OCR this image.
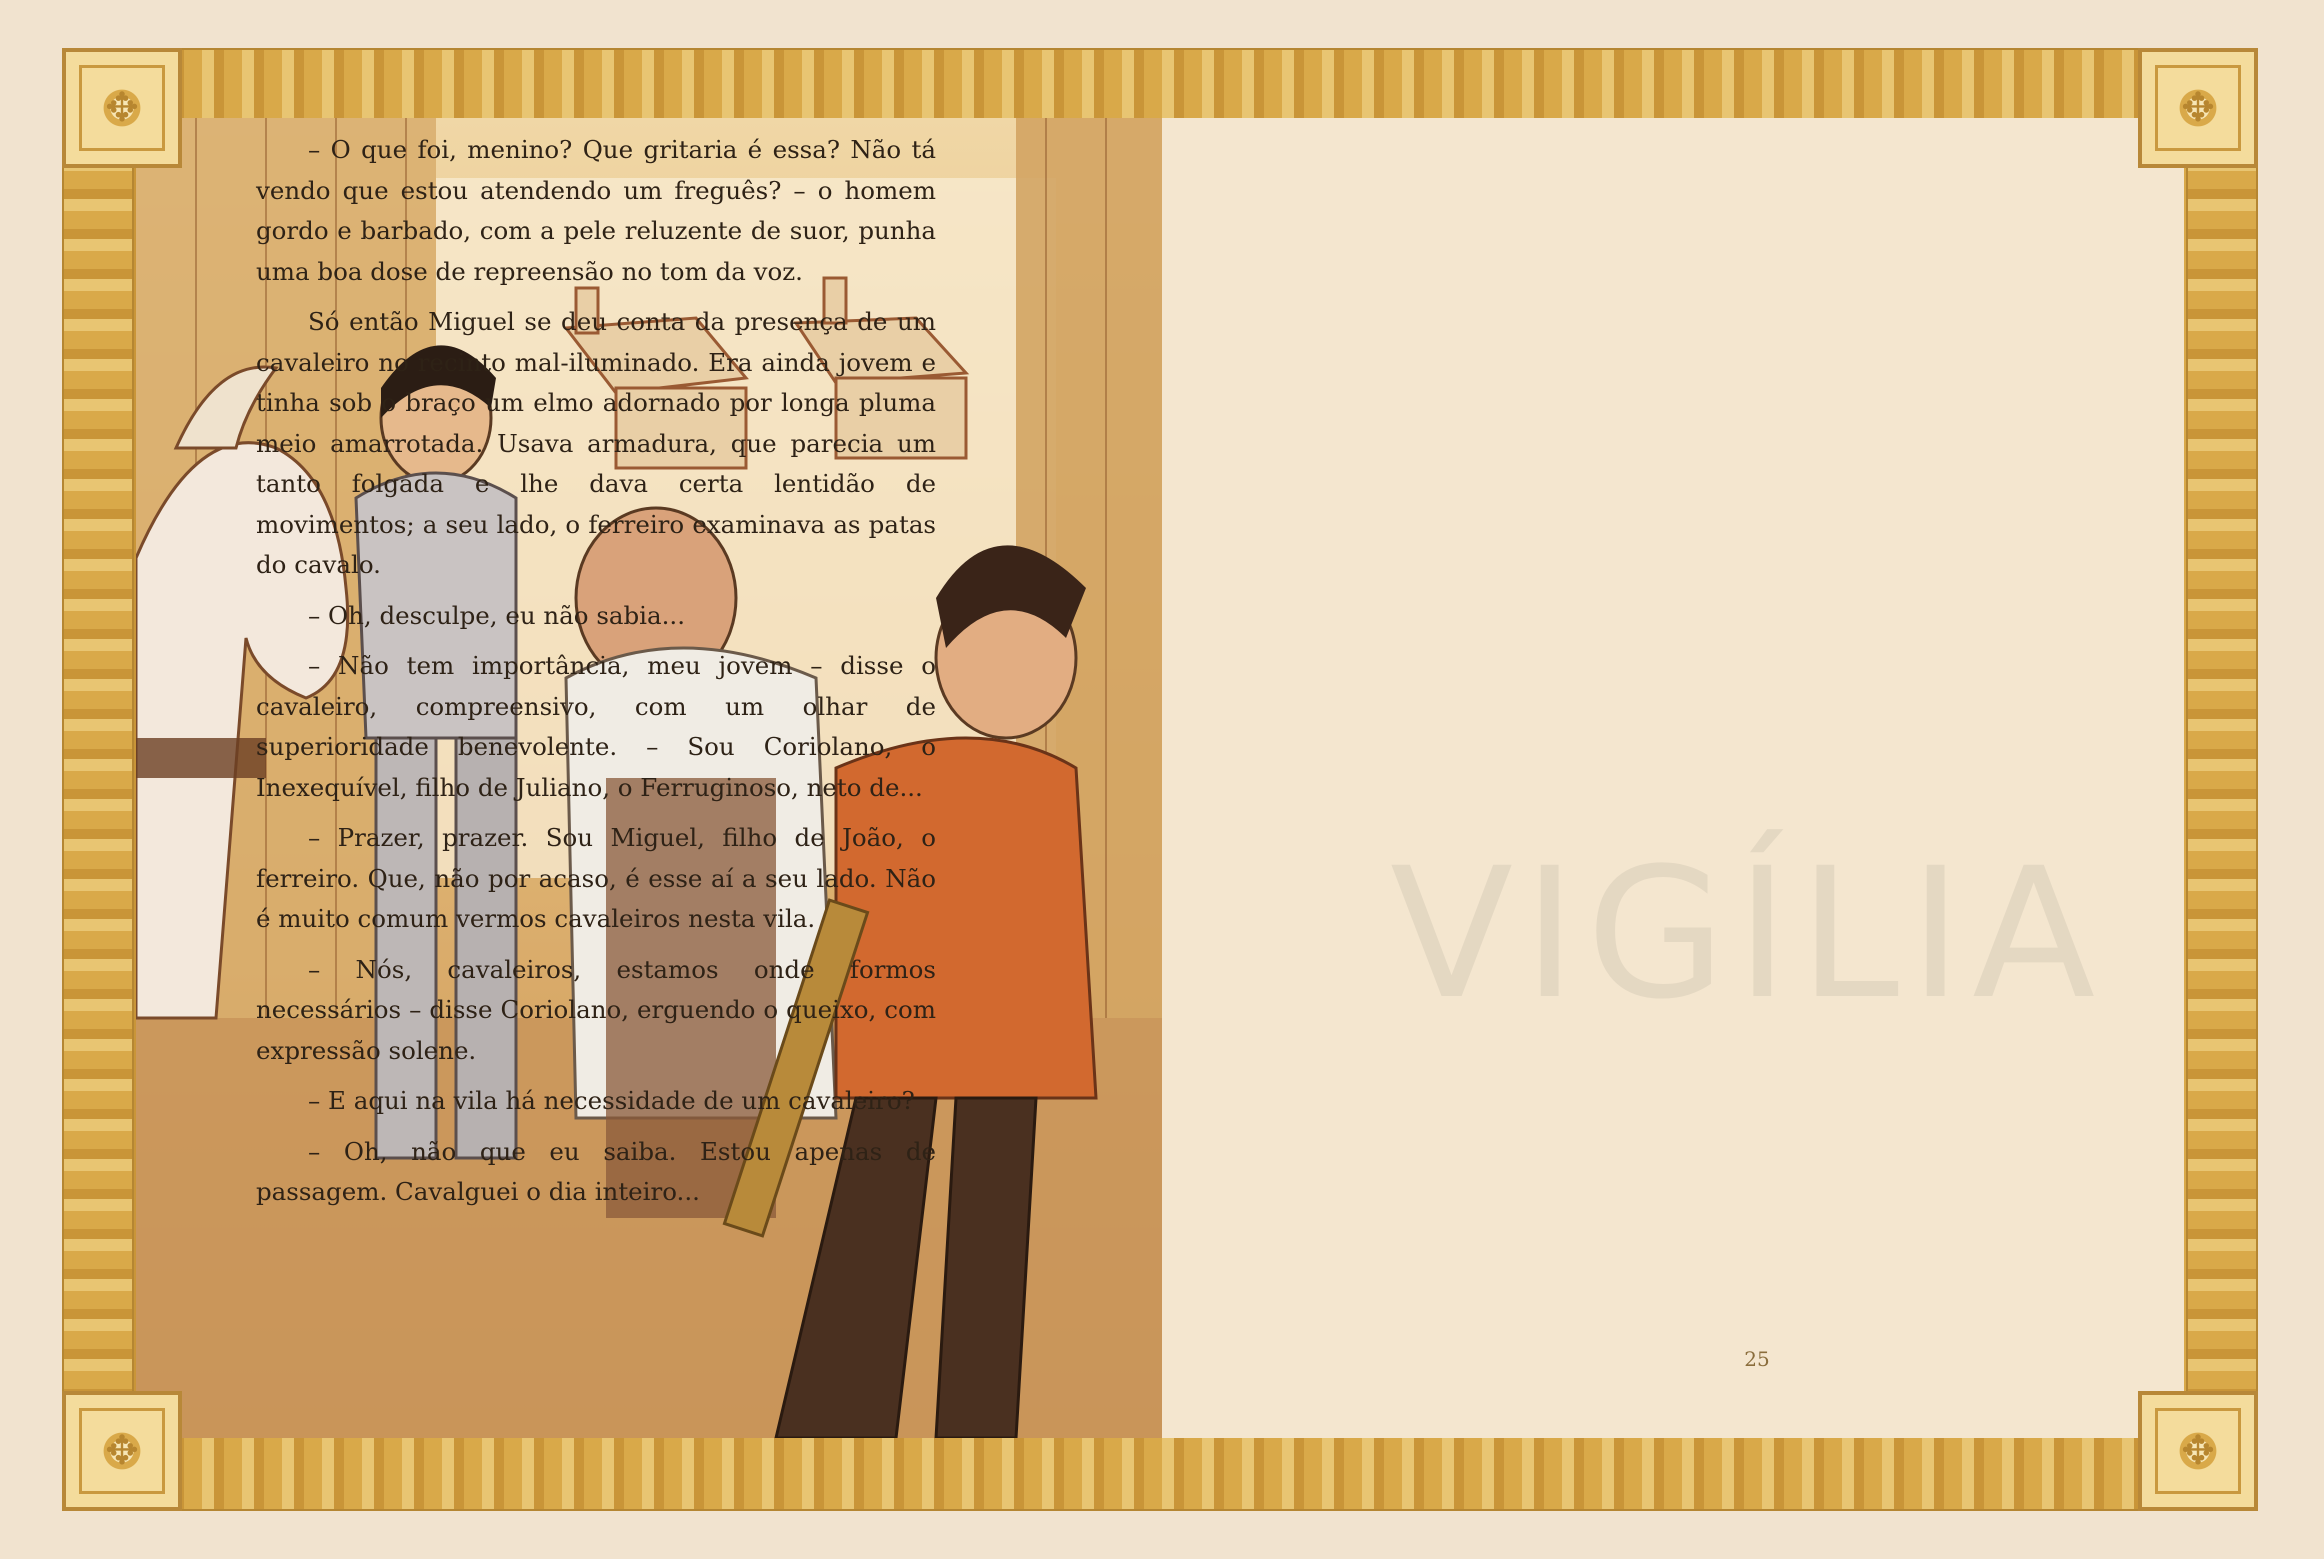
– O que foi, menino? Que gritaria é essa? Não tá vendo que estou atendendo um freguês? – o homem gordo e barbado, com a pele reluzente de suor, punha uma boa dose de repreensão no tom da voz.

Só então Miguel se deu conta da presença de um cavaleiro no recinto mal-iluminado. Era ainda jovem e tinha sob o braço um elmo adornado por longa pluma meio amarrotada. Usava armadura, que parecia um tanto folgada e lhe dava certa lentidão de movimentos; a seu lado, o ferreiro examinava as patas do cavalo.

– Oh, desculpe, eu não sabia...

– Não tem importância, meu jovem – disse o cavaleiro, compreensivo, com um olhar de superioridade benevolente. – Sou Coriolano, o Inexequível, filho de Juliano, o Ferruginoso, neto de...

– Prazer, prazer. Sou Miguel, filho de João, o ferreiro. Que, não por acaso, é esse aí a seu lado. Não é muito comum vermos cavaleiros nesta vila.

– Nós, cavaleiros, estamos onde formos necessários – disse Coriolano, erguendo o queixo, com expressão solene.

– E aqui na vila há necessidade de um cavaleiro?

– Oh, não que eu saiba. Estou apenas de passagem. Cavalguei o dia inteiro...

25
✥	✥
✥	✥
